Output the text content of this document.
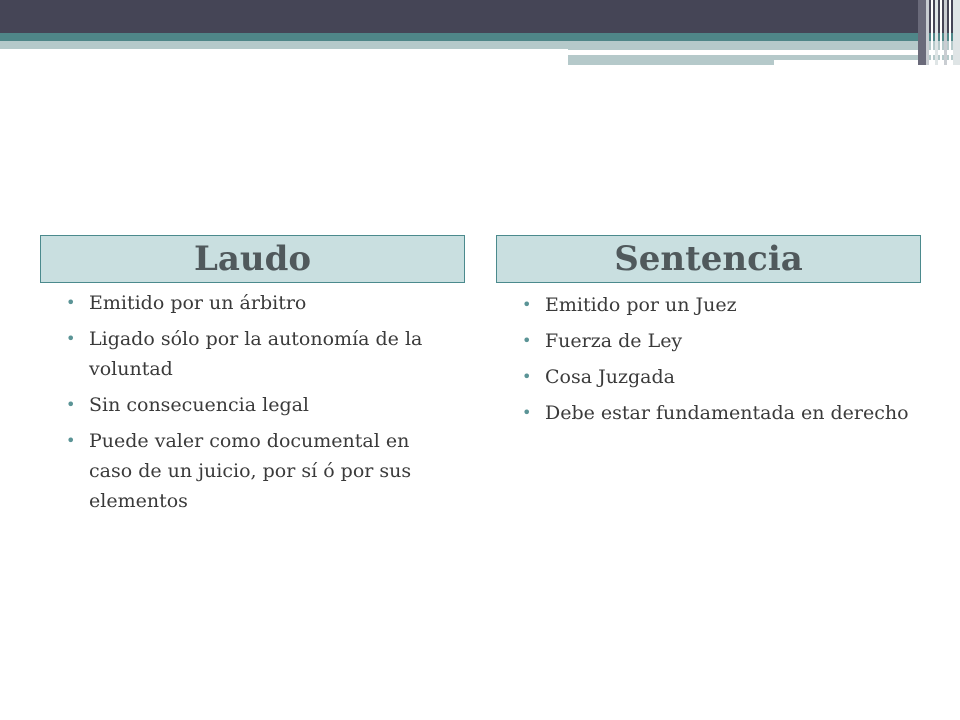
Laudo
• Emitido por un árbitro
• Ligado sólo por la autonomía de la voluntad
• Sin consecuencia legal
• Puede valer como documental en caso de un juicio, por sí ó por sus elementos
Sentencia
• Emitido por un Juez
• Fuerza de Ley
• Cosa Juzgada
• Debe estar fundamentada en derecho
